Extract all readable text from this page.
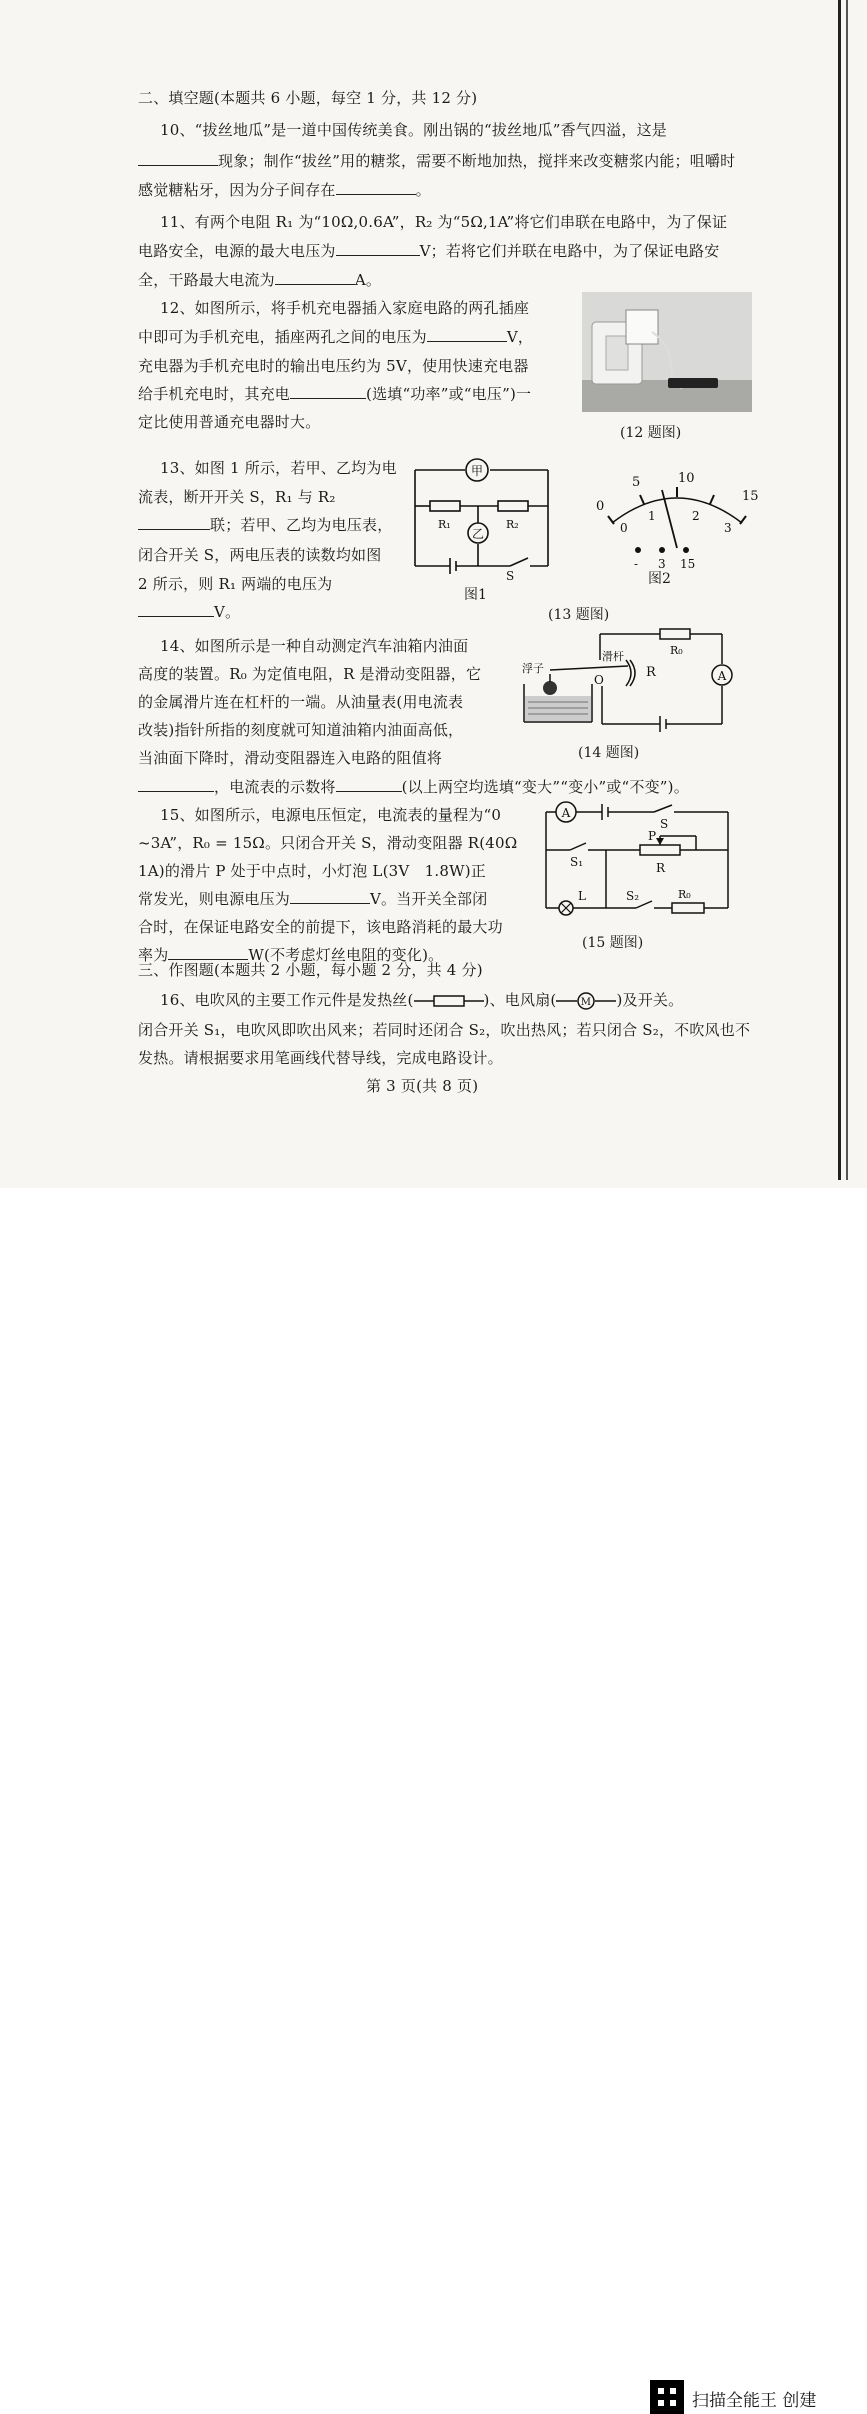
二、填空题(本题共 6 小题，每空 1 分，共 12 分)
10、“拔丝地瓜”是一道中国传统美食。刚出锅的“拔丝地瓜”香气四溢，这是
现象；制作“拔丝”用的糖浆，需要不断地加热，搅拌来改变糖浆内能；咀嚼时
感觉糖粘牙，因为分子间存在	。
11、有两个电阻 R₁ 为“10Ω,0.6A”，R₂ 为“5Ω,1A”将它们串联在电路中，为了保证
电路安全，电源的最大电压为	V；若将它们并联在电路中，为了保证电路安
全，干路最大电流为	A。
12、如图所示，将手机充电器插入家庭电路的两孔插座
中即可为手机充电，插座两孔之间的电压为	V，
充电器为手机充电时的输出电压约为 5V，使用快速充电器
给手机充电时，其充电	(选填“功率”或“电压”)一
定比使用普通充电器时大。
(12 题图)
13、如图 1 所示，若甲、乙均为电
流表，断开开关 S，R₁ 与 R₂
联；若甲、乙均为电压表，
闭合开关 S，两电压表的读数均如图
2 所示，则 R₁ 两端的电压为
V。
甲
乙
R₁	R₂
S
图1
0
5	10
15
0
1	2
3
- 3 15
图2
(13 题图)
14、如图所示是一种自动测定汽车油箱内油面
高度的装置。R₀ 为定值电阻，R 是滑动变阻器，它
的金属滑片连在杠杆的一端。从油量表(用电流表
改装)指针所指的刻度就可知道油箱内油面高低，
当油面下降时，滑动变阻器连入电路的阻值将
，电流表的示数将	(以上两空均选填“变大”“变小”或“不变”)。
A
浮子
滑杆
O	R
R₀
(14 题图)
15、如图所示，电源电压恒定，电流表的量程为“0
~3A”，R₀ = 15Ω。只闭合开关 S，滑动变阻器 R(40Ω
1A)的滑片 P 处于中点时，小灯泡 L(3V　1.8W)正
常发光，则电源电压为	V。当开关全部闭
合时，在保证电路安全的前提下，该电路消耗的最大功
率为	W(不考虑灯丝电阻的变化)。
A
S
S₁
P
R
L	S₂	R₀
(15 题图)
三、作图题(本题共 2 小题，每小题 2 分，共 4 分)
16、电吹风的主要工作元件是发热丝(	)、电风扇( M )及开关。
闭合开关 S₁，电吹风即吹出风来；若同时还闭合 S₂，吹出热风；若只闭合 S₂，不吹风也不
发热。请根据要求用笔画线代替导线，完成电路设计。
第 3 页(共 8 页)
扫描全能王 创建
